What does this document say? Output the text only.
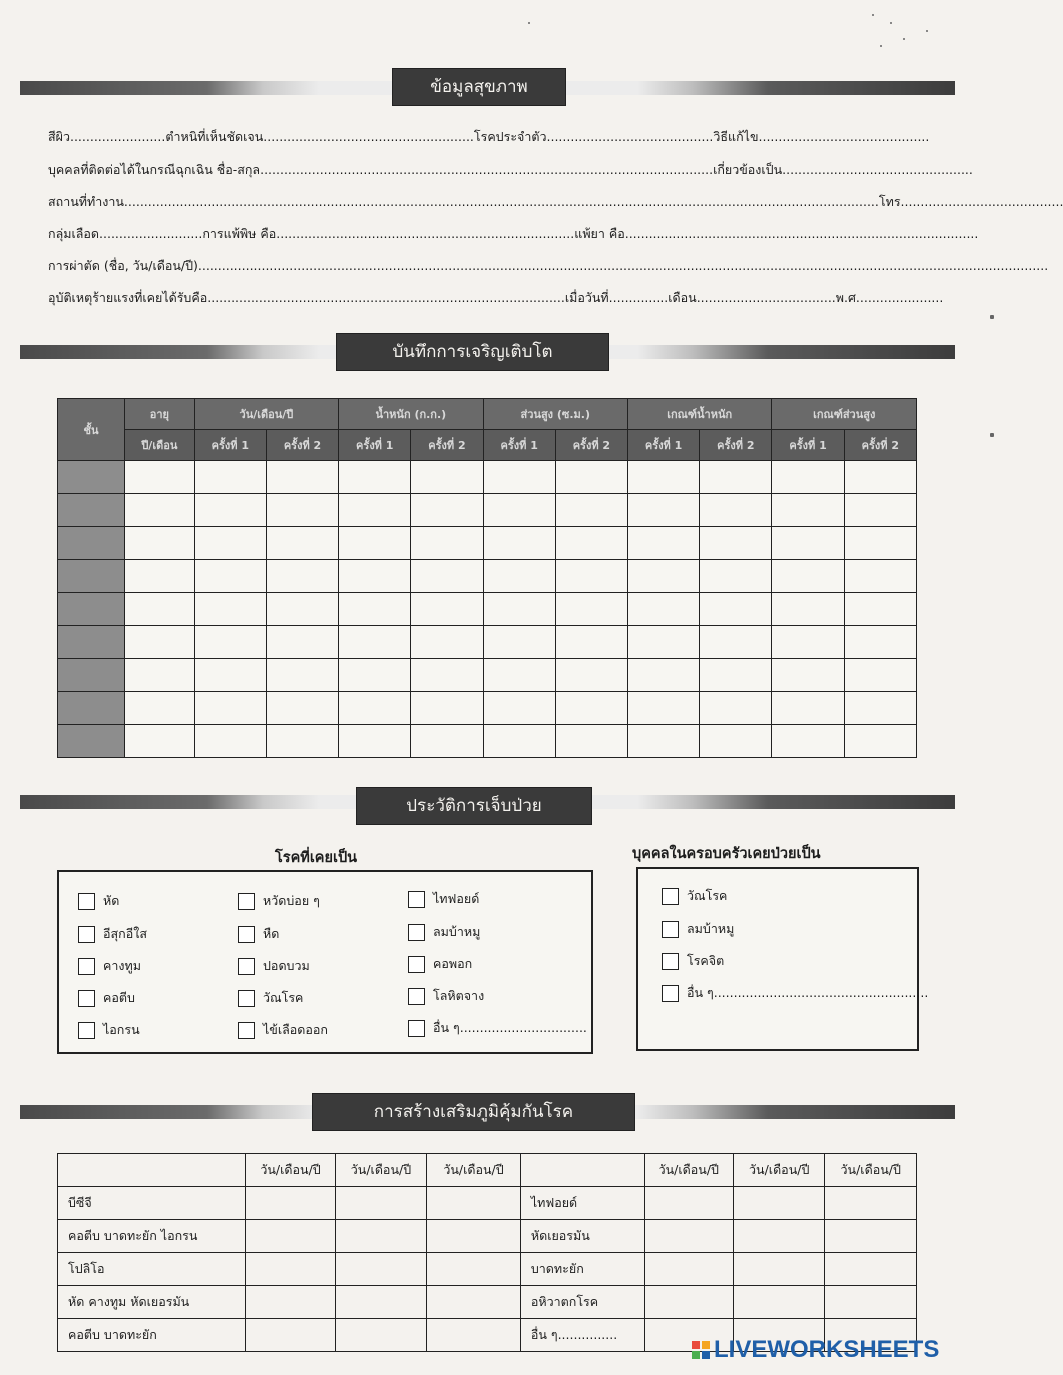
ข้อมูลสุขภาพ
สีผิว........................ตำหนิที่เห็นชัดเจน.....................................................โรคประจำตัว..........................................วิธีแก้ไข...........................................
บุคคลที่ติดต่อได้ในกรณีฉุกเฉิน ชื่อ-สกุล..................................................................................................................เกี่ยวข้องเป็น................................................
สถานที่ทำงาน..............................................................................................................................................................................................โทร.........................................
กลุ่มเลือด..........................การแพ้พิษ คือ...........................................................................แพ้ยา คือ.........................................................................................
การผ่าตัด (ชื่อ, วัน/เดือน/ปี)......................................................................................................................................................................................................................
อุบัติเหตุร้ายแรงที่เคยได้รับคือ..........................................................................................เมื่อวันที่...............เดือน...................................พ.ศ......................
บันทึกการเจริญเติบโต
ชั้น	อายุ	วัน/เดือน/ปี		น้ำหนัก (ก.ก.)		ส่วนสูง (ซ.ม.)		เกณฑ์น้ำหนัก		เกณฑ์ส่วนสูง	
	ปี/เดือน	ครั้งที่ 1	ครั้งที่ 2	ครั้งที่ 1	ครั้งที่ 2	ครั้งที่ 1	ครั้งที่ 2	ครั้งที่ 1	ครั้งที่ 2	ครั้งที่ 1	ครั้งที่ 2

ประวัติการเจ็บป่วย
โรคที่เคยเป็น	บุคคลในครอบครัวเคยป่วยเป็น
หัด
อีสุกอีใส
คางทูม
คอตีบ
ไอกรน
หวัดบ่อย ๆ
หืด
ปอดบวม
วัณโรค
ไข้เลือดออก
ไทฟอยด์
ลมบ้าหมู
คอพอก
โลหิตจาง
อื่น ๆ................................
วัณโรค
ลมบ้าหมู
โรคจิต
อื่น ๆ......................................................
การสร้างเสริมภูมิคุ้มกันโรค
	วัน/เดือน/ปี	วัน/เดือน/ปี	วัน/เดือน/ปี		วัน/เดือน/ปี	วัน/เดือน/ปี	วัน/เดือน/ปี
บีซีจี				ไทฟอยด์			
คอตีบ บาดทะยัก ไอกรน				หัดเยอรมัน			
โปลิโอ				บาดทะยัก			
หัด คางทูม หัดเยอรมัน				อหิวาตกโรค			
คอตีบ บาดทะยัก				อื่น ๆ...............			
LIVEWORKSHEETS
